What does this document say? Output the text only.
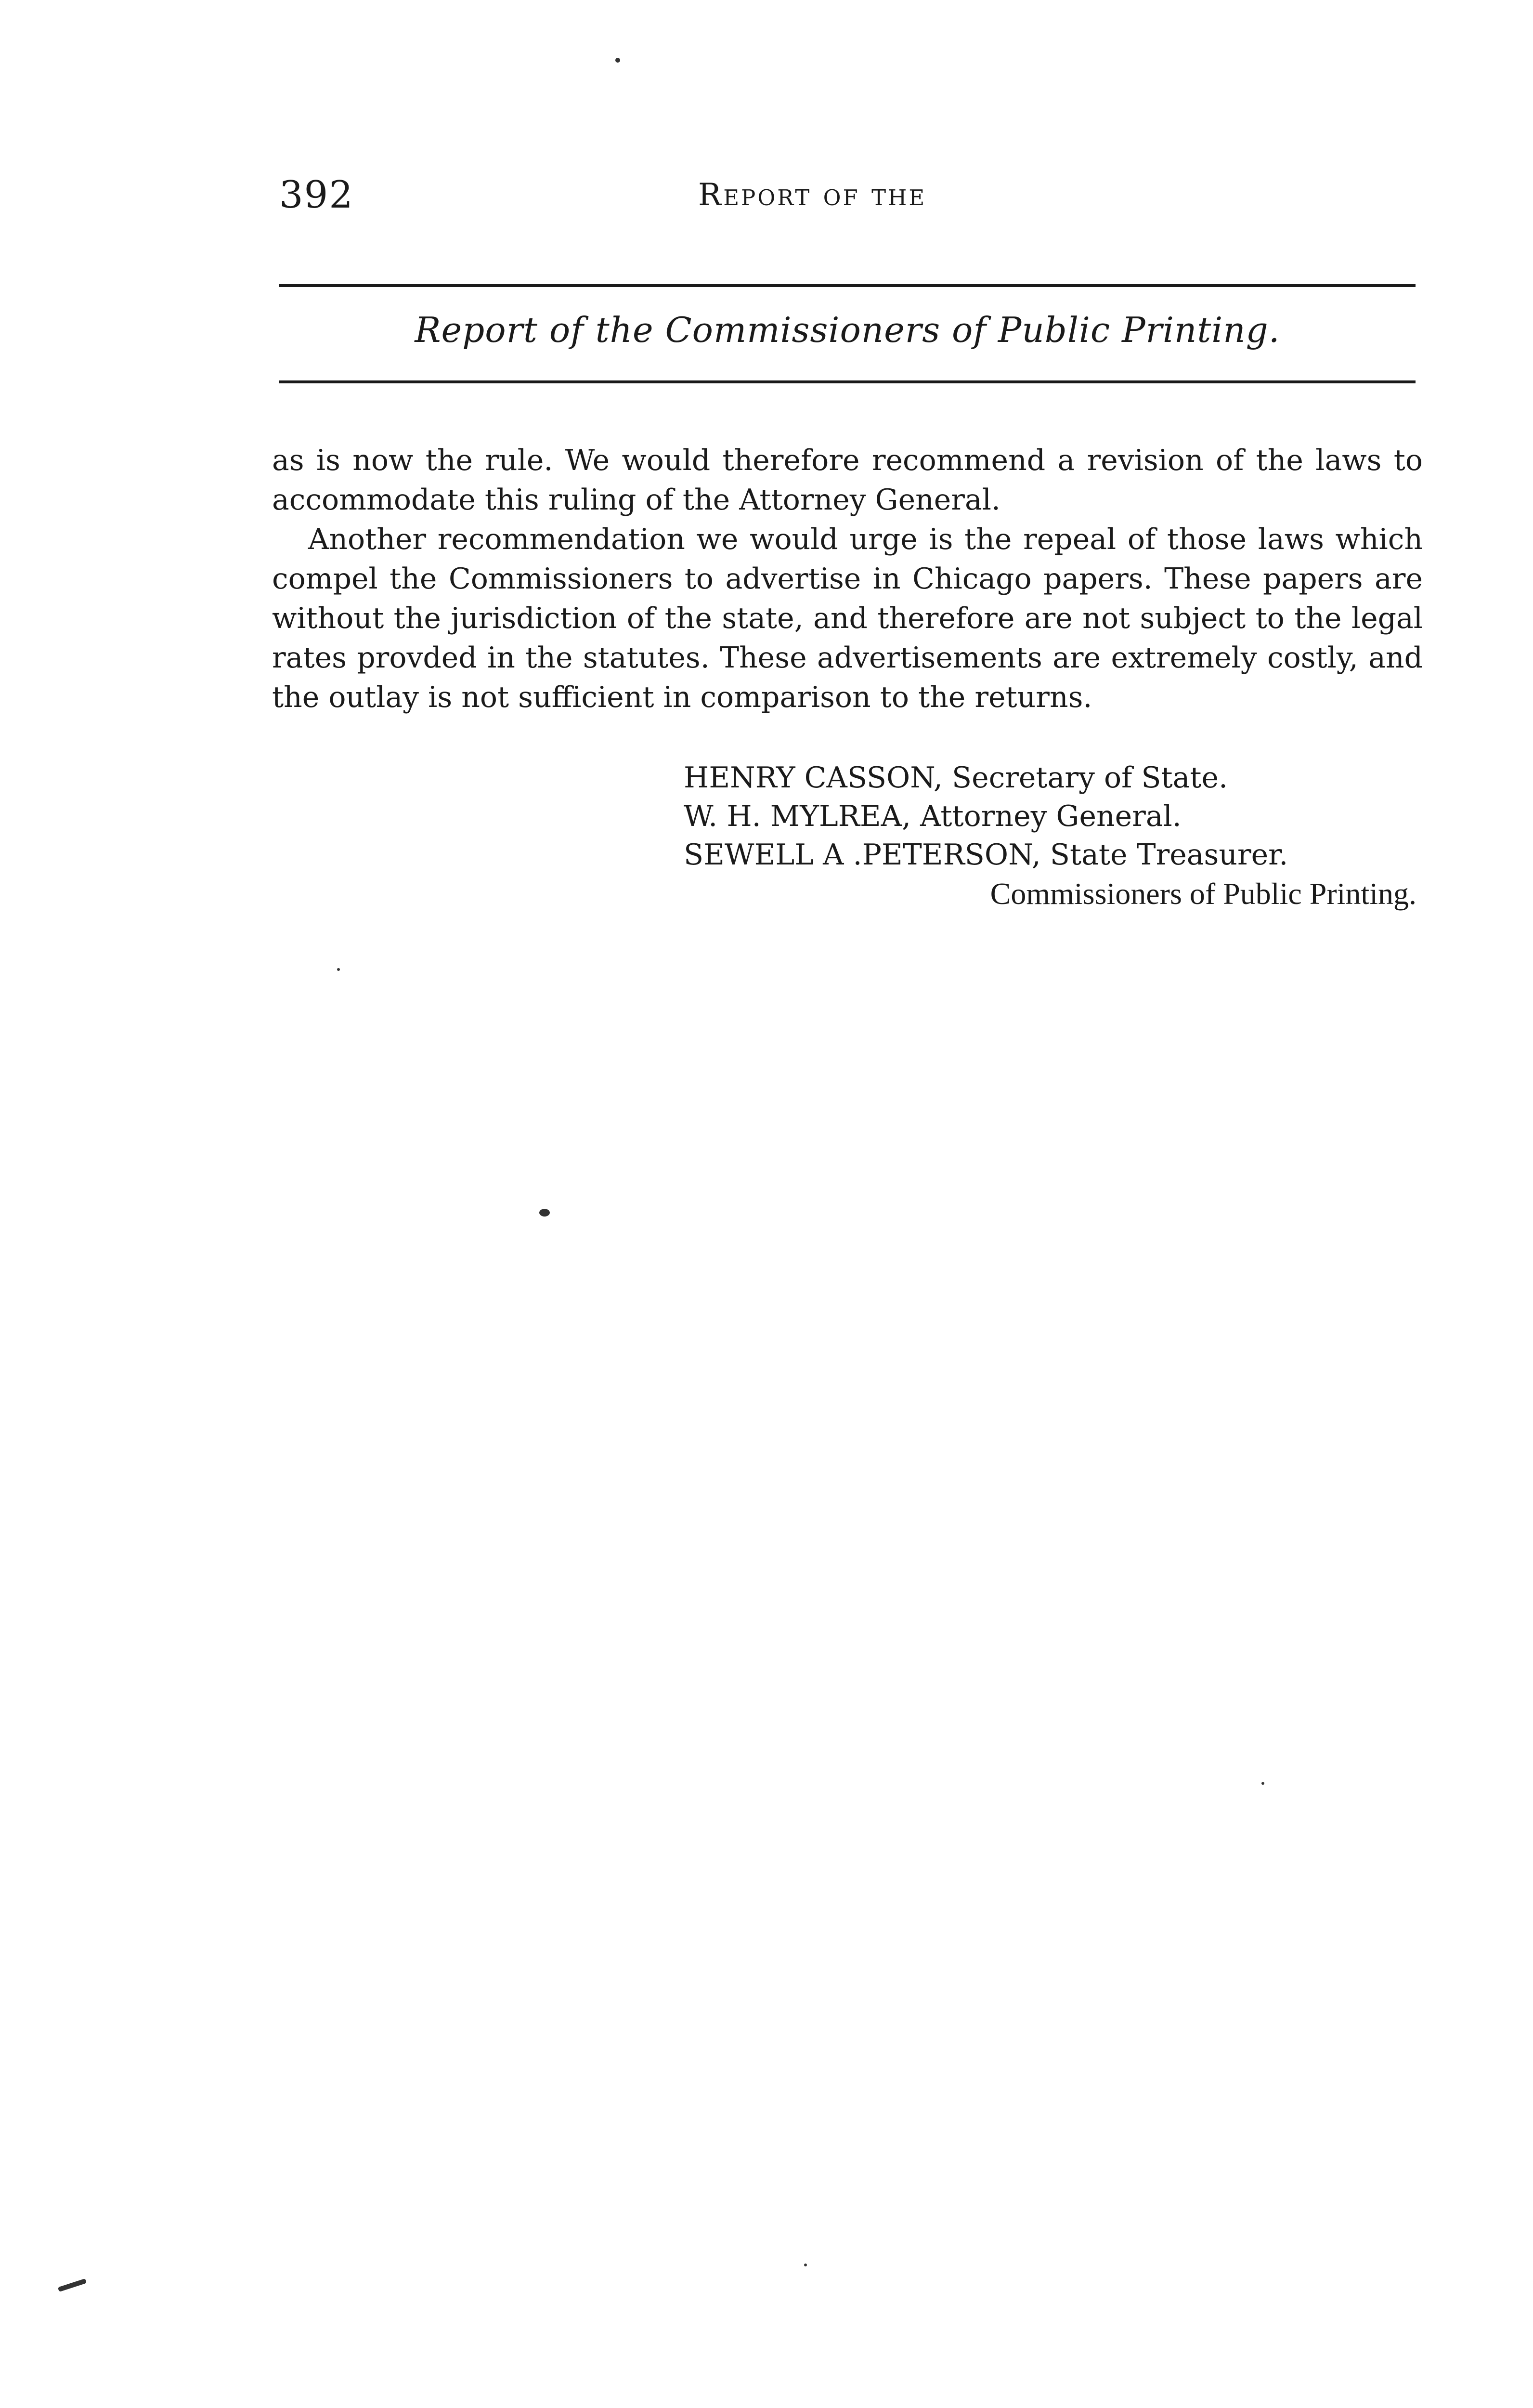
392	Report of the
Report of the Commissioners of Public Printing.

as is now the rule. We would therefore recommend a revision of the laws to accommodate this ruling of the Attorney General.

Another recommendation we would urge is the repeal of those laws which compel the Commissioners to advertise in Chicago papers. These papers are without the jurisdiction of the state, and therefore are not subject to the legal rates provded in the statutes. These advertisements are extremely costly, and the outlay is not sufficient in comparison to the returns.

HENRY CASSON, Secretary of State.
W. H. MYLREA, Attorney General.
SEWELL A .PETERSON, State Treasurer.
Commissioners of Public Printing.
